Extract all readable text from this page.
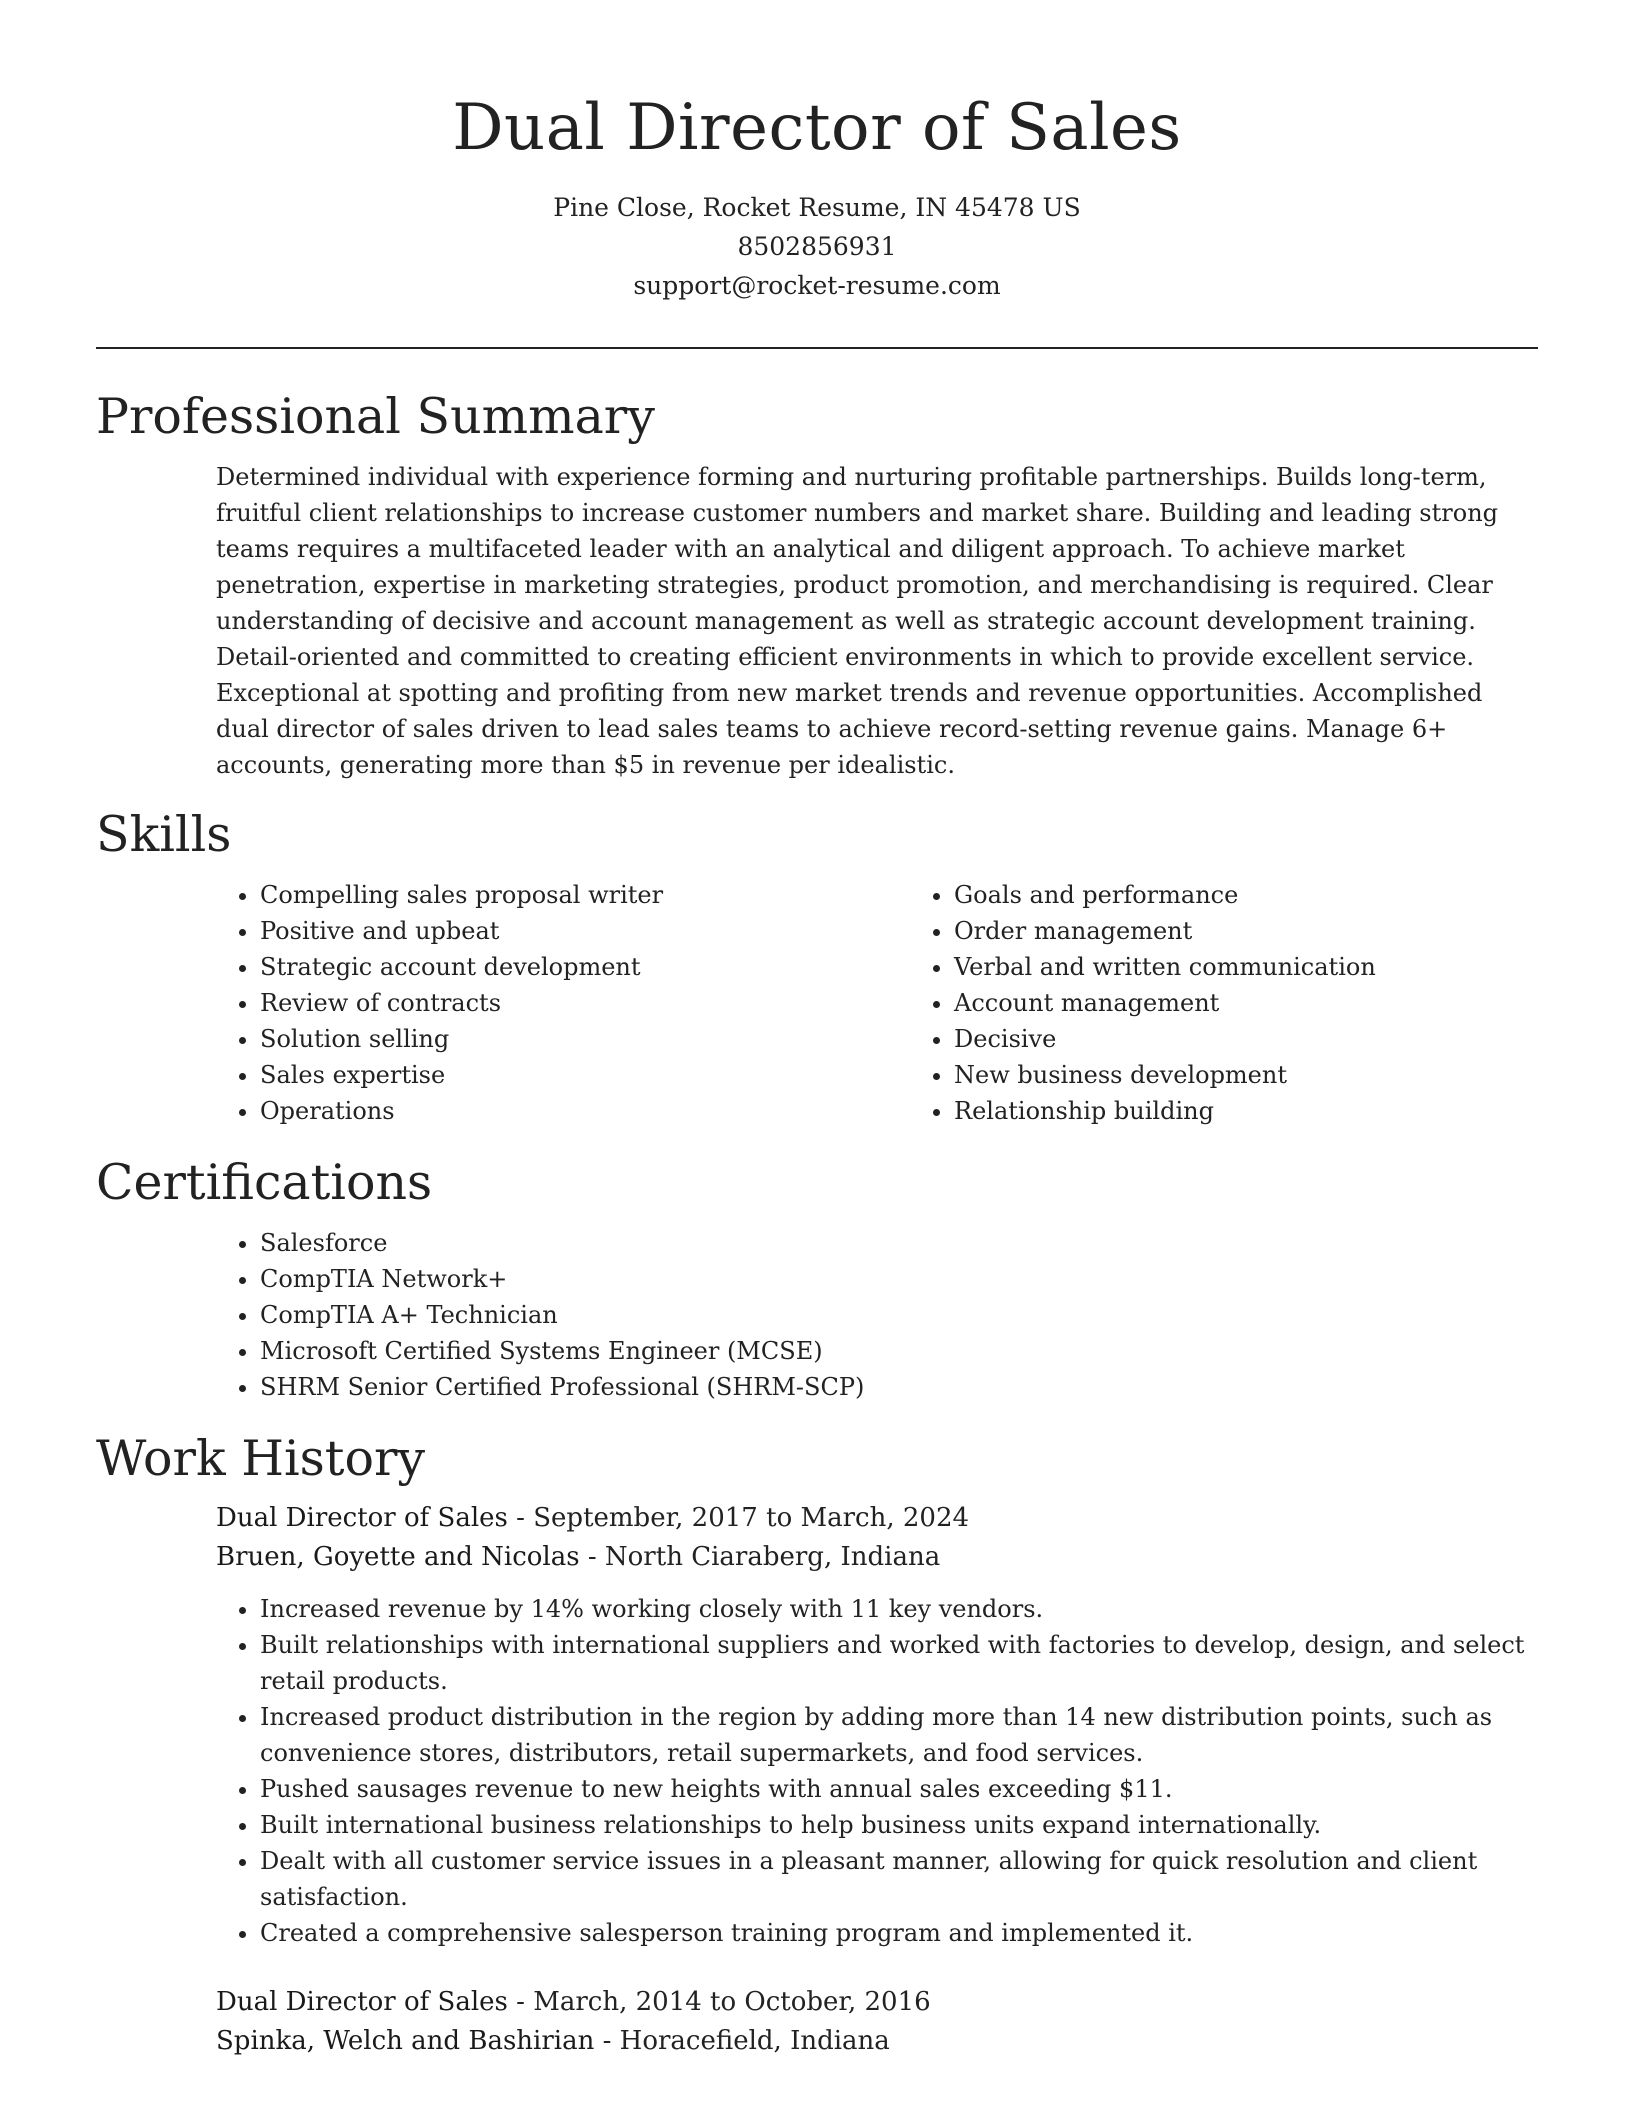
Dual Director of Sales
Pine Close, Rocket Resume, IN 45478 US
8502856931
support@rocket-resume.com
Professional Summary
Determined individual with experience forming and nurturing profitable partnerships. Builds long-term, fruitful client relationships to increase customer numbers and market share. Building and leading strong teams requires a multifaceted leader with an analytical and diligent approach. To achieve market penetration, expertise in marketing strategies, product promotion, and merchandising is required. Clear understanding of decisive and account management as well as strategic account development training. Detail-oriented and committed to creating efficient environments in which to provide excellent service. Exceptional at spotting and profiting from new market trends and revenue opportunities. Accomplished dual director of sales driven to lead sales teams to achieve record-setting revenue gains. Manage 6+ accounts, generating more than $5 in revenue per idealistic.
Skills
• Compelling sales proposal writer
• Positive and upbeat
• Strategic account development
• Review of contracts
• Solution selling
• Sales expertise
• Operations
• Goals and performance
• Order management
• Verbal and written communication
• Account management
• Decisive
• New business development
• Relationship building
Certifications
• Salesforce
• CompTIA Network+
• CompTIA A+ Technician
• Microsoft Certified Systems Engineer (MCSE)
• SHRM Senior Certified Professional (SHRM-SCP)
Work History
Dual Director of Sales - September, 2017 to March, 2024
Bruen, Goyette and Nicolas - North Ciaraberg, Indiana
• Increased revenue by 14% working closely with 11 key vendors.
• Built relationships with international suppliers and worked with factories to develop, design, and select retail products.
• Increased product distribution in the region by adding more than 14 new distribution points, such as convenience stores, distributors, retail supermarkets, and food services.
• Pushed sausages revenue to new heights with annual sales exceeding $11.
• Built international business relationships to help business units expand internationally.
• Dealt with all customer service issues in a pleasant manner, allowing for quick resolution and client satisfaction.
• Created a comprehensive salesperson training program and implemented it.
Dual Director of Sales - March, 2014 to October, 2016
Spinka, Welch and Bashirian - Horacefield, Indiana
